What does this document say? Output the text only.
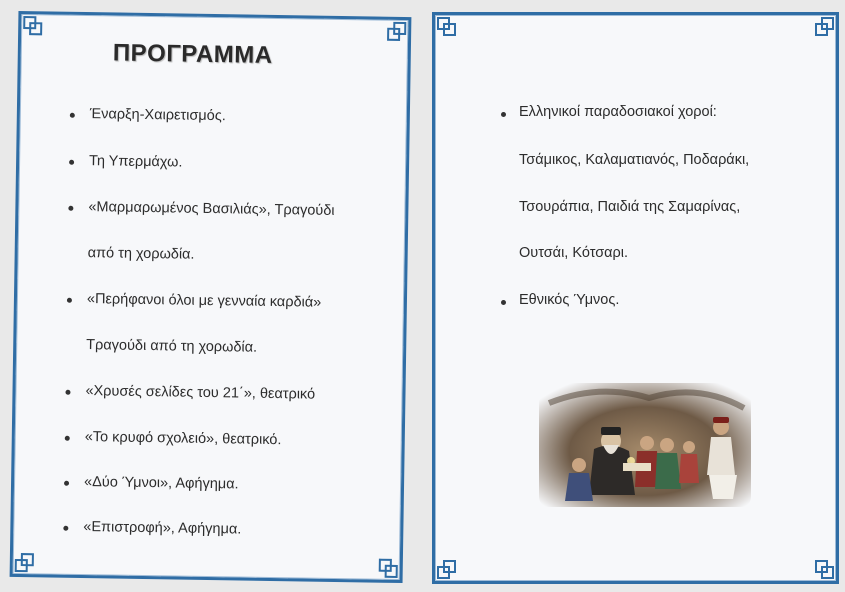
ΠΡΟΓΡΑΜΜΑ
Έναρξη-Χαιρετισμός.
Τη Υπερμάχω.
«Μαρμαρωμένος Βασιλιάς», Τραγούδι
από τη χορωδία.
«Περήφανοι όλοι με γενναία καρδιά»
Τραγούδι από τη χορωδία.
«Χρυσές σελίδες του 21΄», θεατρικό
«Το κρυφό σχολειό», θεατρικό.
«Δύο Ύμνοι», Αφήγημα.
«Επιστροφή», Αφήγημα.
Ελληνικοί παραδοσιακοί χοροί:
Τσάμικος, Καλαματιανός, Ποδαράκι,
Τσουράπια, Παιδιά της Σαμαρίνας,
Ουτσάι, Κότσαρι.
Εθνικός Ύμνος.
